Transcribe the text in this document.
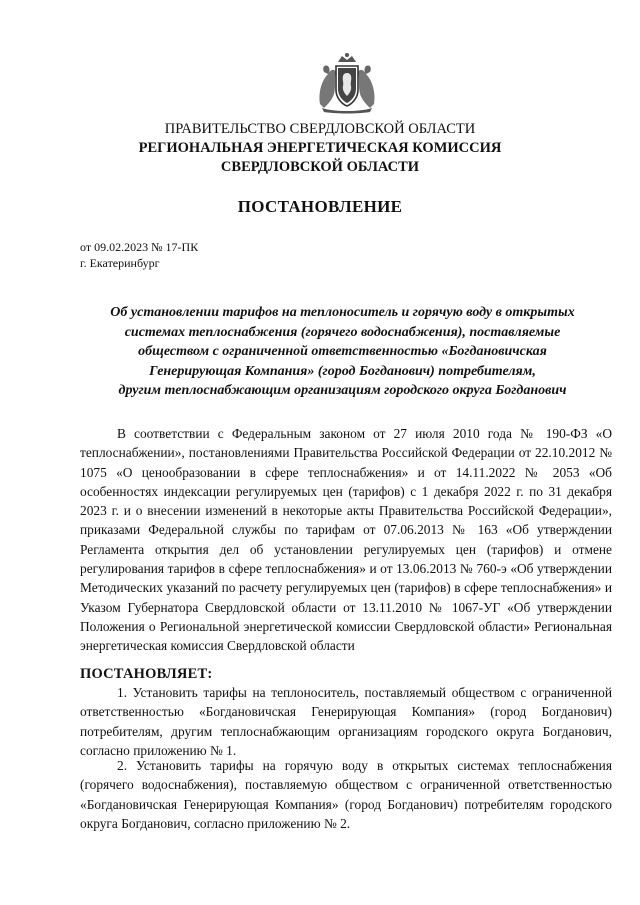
ПРАВИТЕЛЬСТВО СВЕРДЛОВСКОЙ ОБЛАСТИ
РЕГИОНАЛЬНАЯ ЭНЕРГЕТИЧЕСКАЯ КОМИССИЯ
СВЕРДЛОВСКОЙ ОБЛАСТИ
ПОСТАНОВЛЕНИЕ
от 09.02.2023 № 17-ПК
г. Екатеринбург
Об установлении тарифов на теплоноситель и горячую воду в открытых
системах теплоснабжения (горячего водоснабжения), поставляемые
обществом с ограниченной ответственностью «Богдановичская
Генерирующая Компания» (город Богданович) потребителям,
другим теплоснабжающим организациям городского округа Богданович

В соответствии с Федеральным законом от 27 июля 2010 года № 190-ФЗ «О теплоснабжении», постановлениями Правительства Российской Федерации от 22.10.2012 № 1075 «О ценообразовании в сфере теплоснабжения» и от 14.11.2022 № 2053 «Об особенностях индексации регулируемых цен (тарифов) с 1 декабря 2022 г. по 31 декабря 2023 г. и о внесении изменений в некоторые акты Правительства Российской Федерации», приказами Федеральной службы по тарифам от 07.06.2013 № 163 «Об утверждении Регламента открытия дел об установлении регулируемых цен (тарифов) и отмене регулирования тарифов в сфере теплоснабжения» и от 13.06.2013 № 760-э «Об утверждении Методических указаний по расчету регулируемых цен (тарифов) в сфере теплоснабжения» и Указом Губернатора Свердловской области от 13.11.2010 № 1067-УГ «Об утверждении Положения о Региональной энергетической комиссии Свердловской области» Региональная энергетическая комиссия Свердловской области

ПОСТАНОВЛЯЕТ:

1. Установить тарифы на теплоноситель, поставляемый обществом с ограниченной ответственностью «Богдановичская Генерирующая Компания» (город Богданович) потребителям, другим теплоснабжающим организациям городского округа Богданович, согласно приложению № 1.

2. Установить тарифы на горячую воду в открытых системах теплоснабжения (горячего водоснабжения), поставляемую обществом с ограниченной ответственностью «Богдановичская Генерирующая Компания» (город Богданович) потребителям городского округа Богданович, согласно приложению № 2.
